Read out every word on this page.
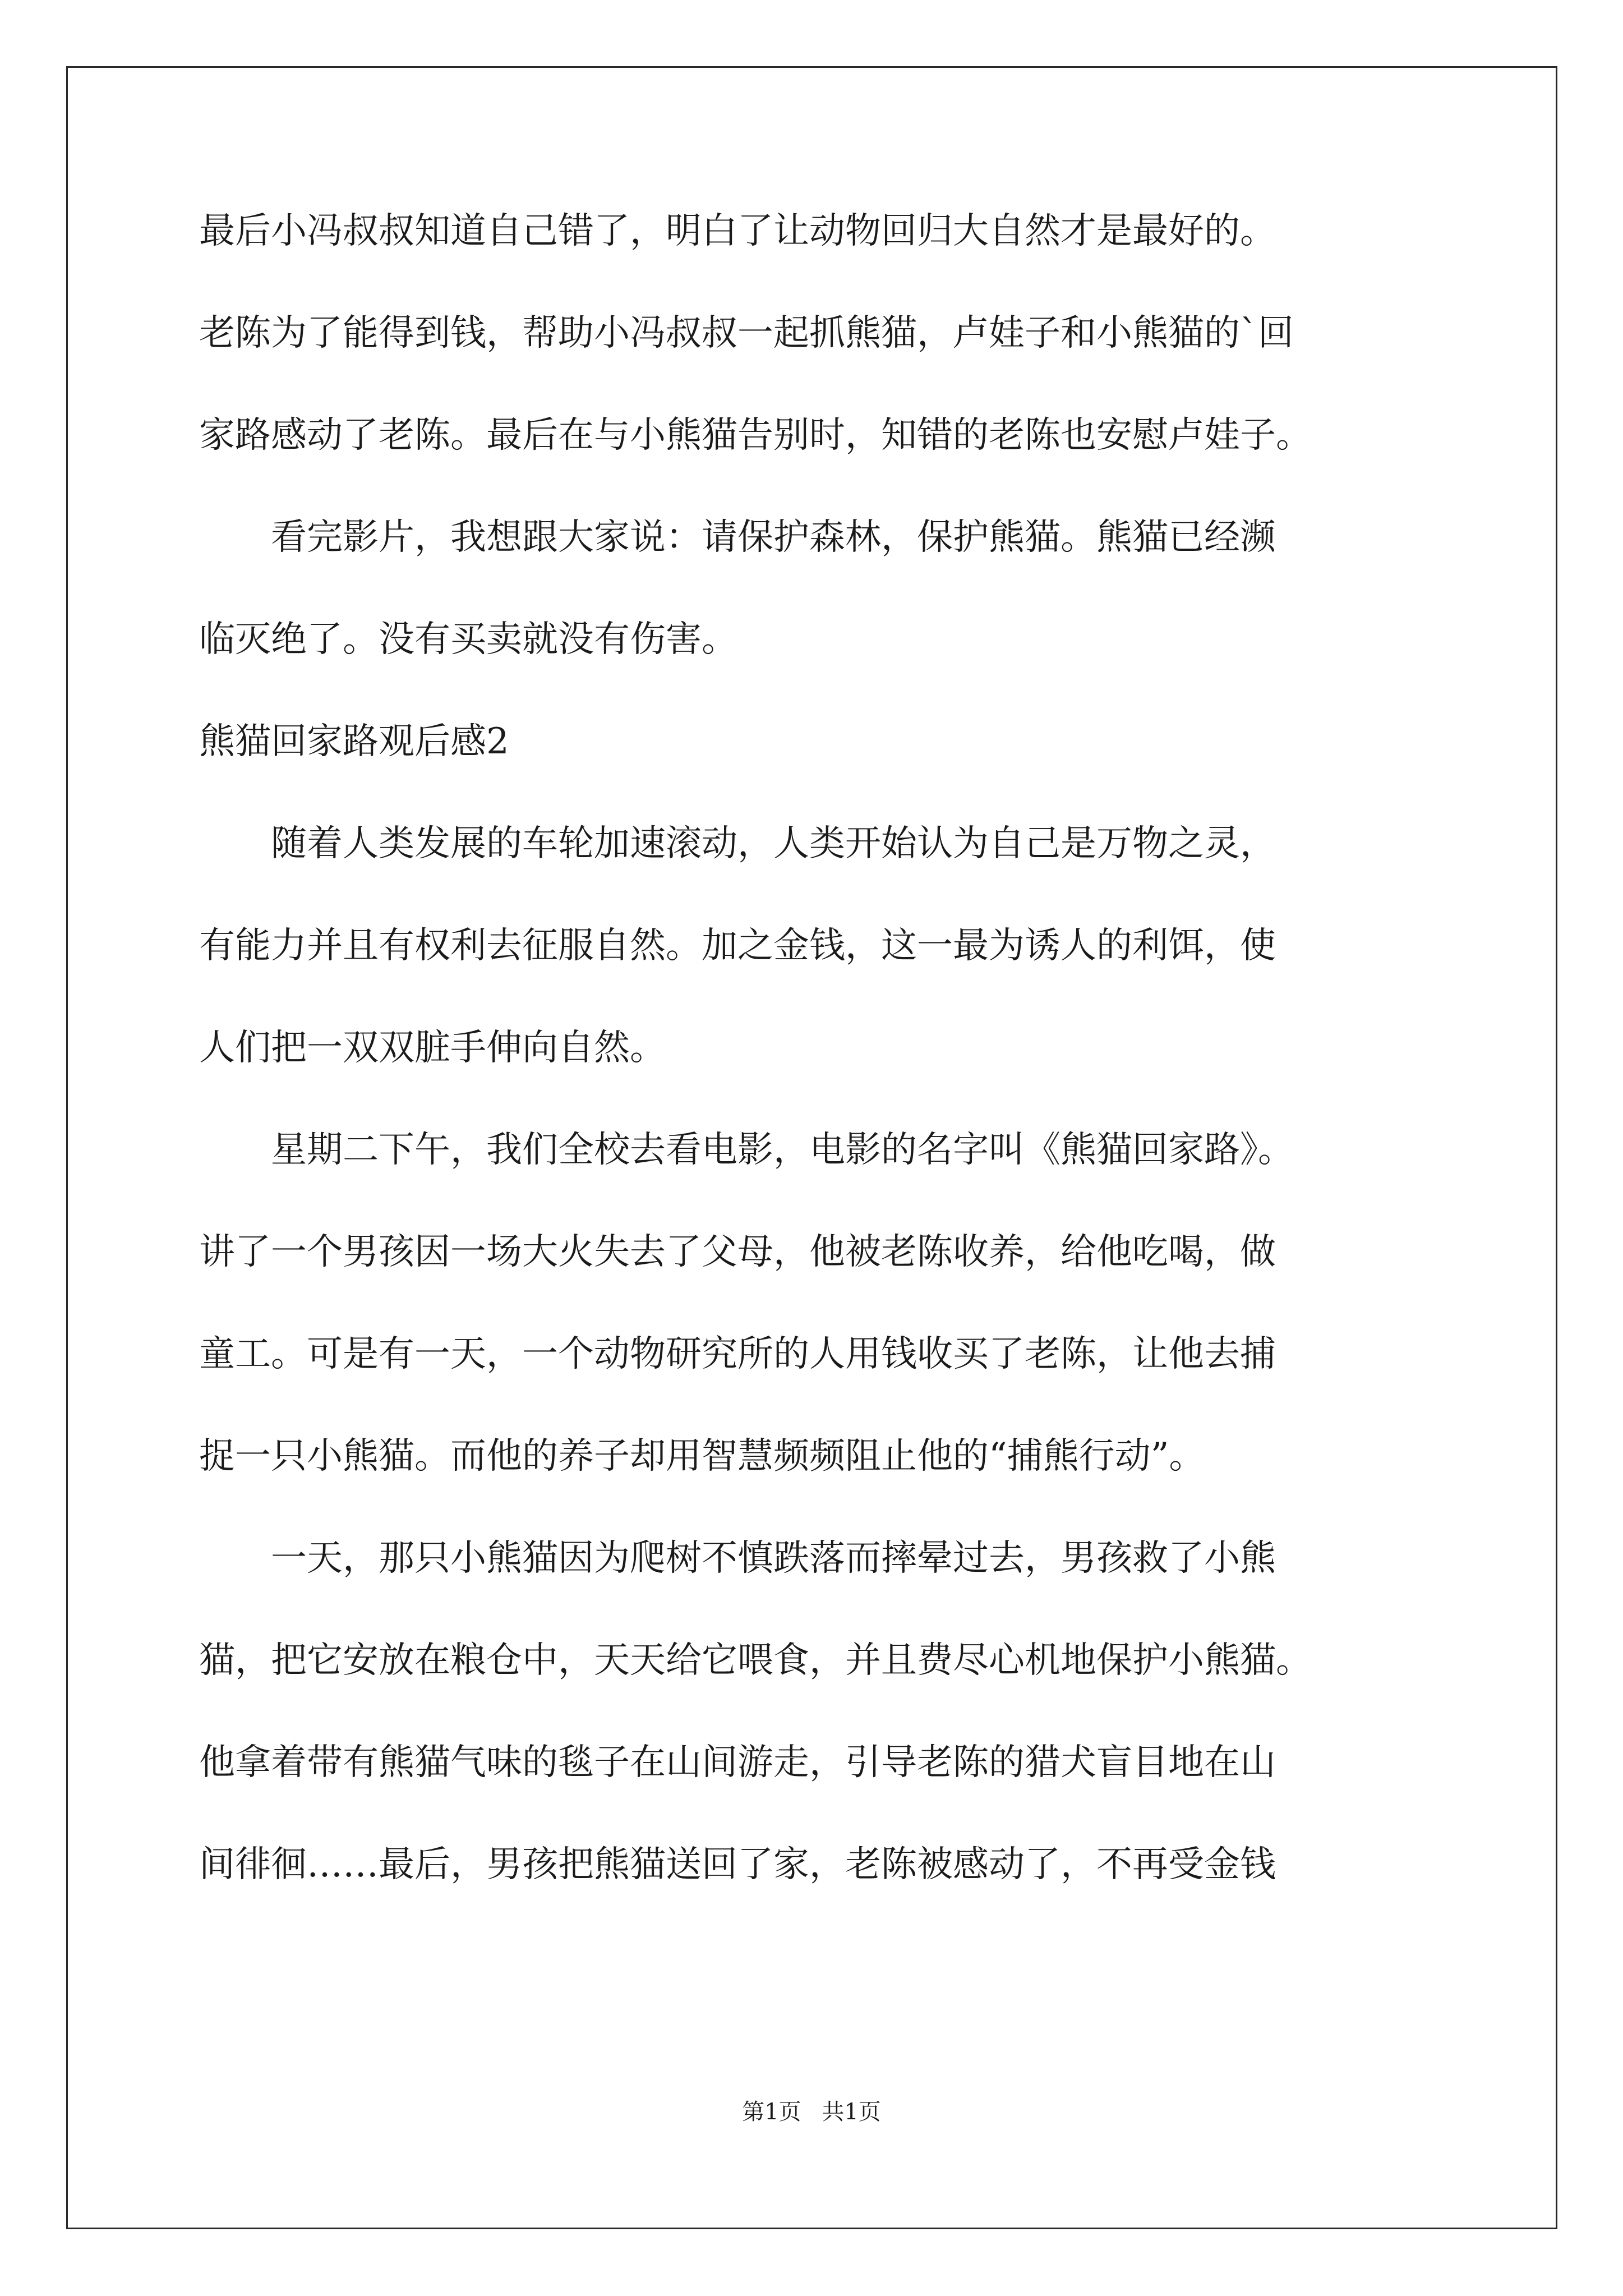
最后小冯叔叔知道自己错了，明白了让动物回归大自然才是最好的。
老陈为了能得到钱，帮助小冯叔叔一起抓熊猫，卢娃子和小熊猫的`回
家路感动了老陈。最后在与小熊猫告别时，知错的老陈也安慰卢娃子。
　　看完影片，我想跟大家说：请保护森林，保护熊猫。熊猫已经濒
临灭绝了。没有买卖就没有伤害。
熊猫回家路观后感2
　　随着人类发展的车轮加速滚动，人类开始认为自己是万物之灵，
有能力并且有权利去征服自然。加之金钱，这一最为诱人的利饵，使
人们把一双双脏手伸向自然。
　　星期二下午，我们全校去看电影，电影的名字叫《熊猫回家路》。
讲了一个男孩因一场大火失去了父母，他被老陈收养，给他吃喝，做
童工。可是有一天，一个动物研究所的人用钱收买了老陈，让他去捕
捉一只小熊猫。而他的养子却用智慧频频阻止他的“捕熊行动”。
　　一天，那只小熊猫因为爬树不慎跌落而摔晕过去，男孩救了小熊
猫，把它安放在粮仓中，天天给它喂食，并且费尽心机地保护小熊猫。
他拿着带有熊猫气味的毯子在山间游走，引导老陈的猎犬盲目地在山
间徘徊……最后，男孩把熊猫送回了家，老陈被感动了，不再受金钱
第1页 共1页
